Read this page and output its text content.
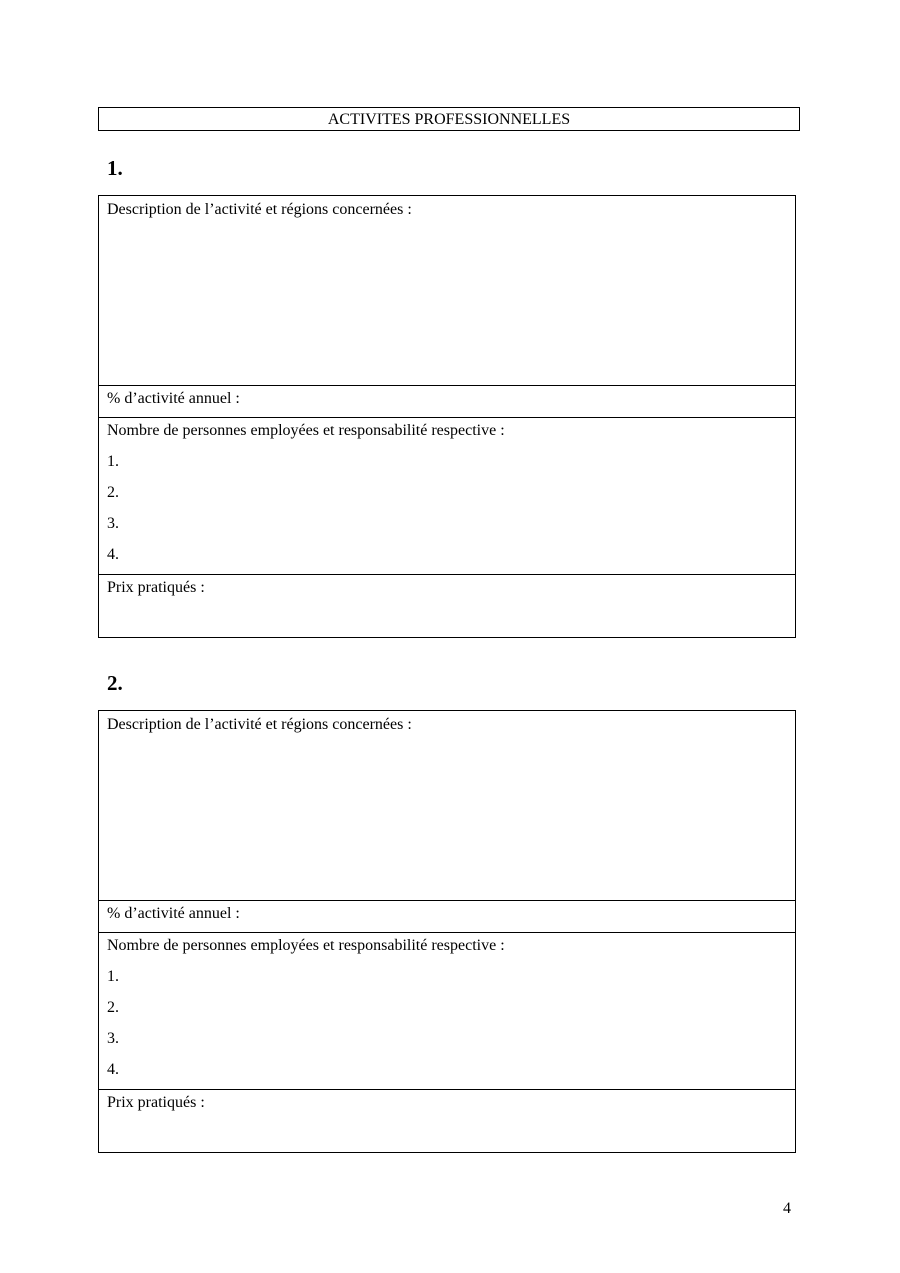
ACTIVITES PROFESSIONNELLES
1.
Description de l’activité et régions concernées :
% d’activité annuel :
Nombre de personnes employées et responsabilité respective :
1.
2.
3.
4.
Prix pratiqués :
2.
Description de l’activité et régions concernées :
% d’activité annuel :
Nombre de personnes employées et responsabilité respective :
1.
2.
3.
4.
Prix pratiqués :
4
